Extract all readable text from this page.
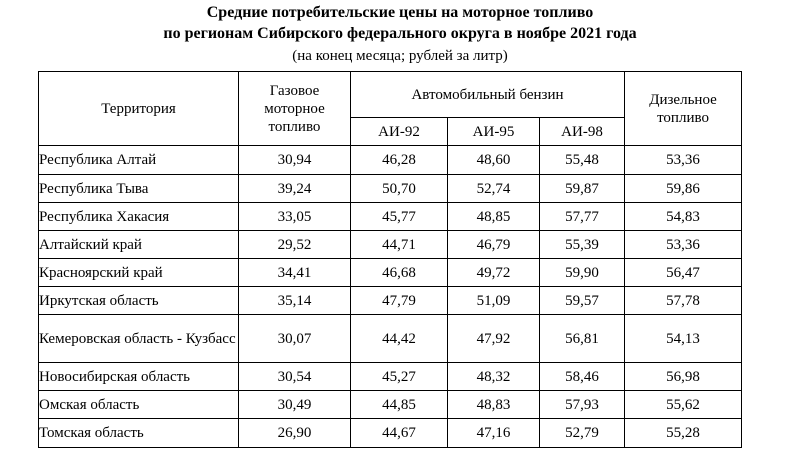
Средние потребительские цены на моторное топливо
по регионам Сибирского федерального округа в ноябре 2021 года
(на конец месяца; рублей за литр)
Территория	Газовое моторное топливо	Автомобильный бензин			Дизельное топливо
		АИ-92	АИ-95	АИ-98	
Республика Алтай	30,94	46,28	48,60	55,48	53,36
Республика Тыва	39,24	50,70	52,74	59,87	59,86
Республика Хакасия	33,05	45,77	48,85	57,77	54,83
Алтайский край	29,52	44,71	46,79	55,39	53,36
Красноярский край	34,41	46,68	49,72	59,90	56,47
Иркутская область	35,14	47,79	51,09	59,57	57,78
Кемеровская область - Кузбасс	30,07	44,42	47,92	56,81	54,13
Новосибирская область	30,54	45,27	48,32	58,46	56,98
Омская область	30,49	44,85	48,83	57,93	55,62
Томская область	26,90	44,67	47,16	52,79	55,28
